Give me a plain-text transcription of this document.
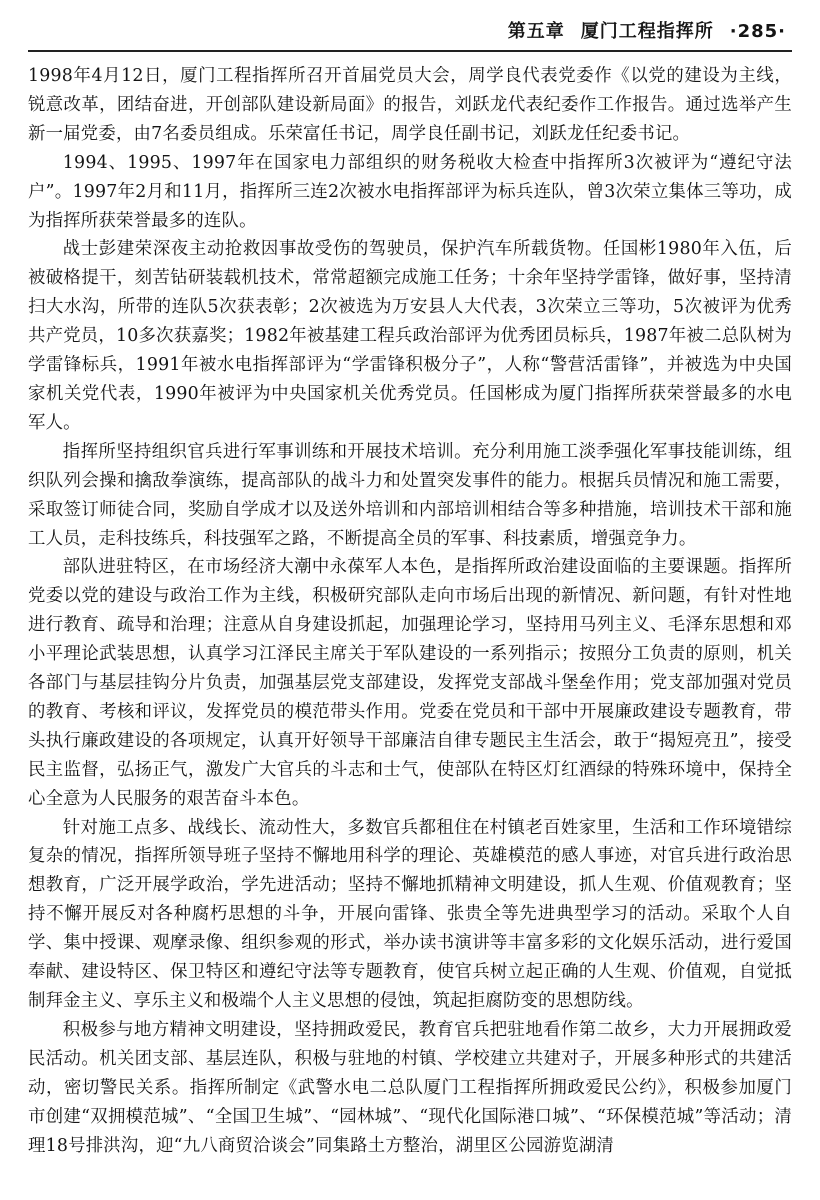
第五章 厦门工程指挥所 ·285·

1998年4月12日，厦门工程指挥所召开首届党员大会，周学良代表党委作《以党的建设为主线，锐意改革，团结奋进，开创部队建设新局面》的报告，刘跃龙代表纪委作工作报告。通过选举产生新一届党委，由7名委员组成。乐荣富任书记，周学良任副书记，刘跃龙任纪委书记。

1994、1995、1997年在国家电力部组织的财务税收大检查中指挥所3次被评为“遵纪守法户”。1997年2月和11月，指挥所三连2次被水电指挥部评为标兵连队，曾3次荣立集体三等功，成为指挥所获荣誉最多的连队。

战士彭建荣深夜主动抢救因事故受伤的驾驶员，保护汽车所载货物。任国彬1980年入伍，后被破格提干，刻苦钻研装载机技术，常常超额完成施工任务；十余年坚持学雷锋，做好事，坚持清扫大水沟，所带的连队5次获表彰；2次被选为万安县人大代表，3次荣立三等功，5次被评为优秀共产党员，10多次获嘉奖；1982年被基建工程兵政治部评为优秀团员标兵，1987年被二总队树为学雷锋标兵，1991年被水电指挥部评为“学雷锋积极分子”，人称“警营活雷锋”，并被选为中央国家机关党代表，1990年被评为中央国家机关优秀党员。任国彬成为厦门指挥所获荣誉最多的水电军人。

指挥所坚持组织官兵进行军事训练和开展技术培训。充分利用施工淡季强化军事技能训练，组织队列会操和擒敌拳演练，提高部队的战斗力和处置突发事件的能力。根据兵员情况和施工需要，采取签订师徒合同，奖励自学成才以及送外培训和内部培训相结合等多种措施，培训技术干部和施工人员，走科技练兵，科技强军之路，不断提高全员的军事、科技素质，增强竞争力。

部队进驻特区，在市场经济大潮中永葆军人本色，是指挥所政治建设面临的主要课题。指挥所党委以党的建设与政治工作为主线，积极研究部队走向市场后出现的新情况、新问题，有针对性地进行教育、疏导和治理；注意从自身建设抓起，加强理论学习，坚持用马列主义、毛泽东思想和邓小平理论武装思想，认真学习江泽民主席关于军队建设的一系列指示；按照分工负责的原则，机关各部门与基层挂钩分片负责，加强基层党支部建设，发挥党支部战斗堡垒作用；党支部加强对党员的教育、考核和评议，发挥党员的模范带头作用。党委在党员和干部中开展廉政建设专题教育，带头执行廉政建设的各项规定，认真开好领导干部廉洁自律专题民主生活会，敢于“揭短亮丑”，接受民主监督，弘扬正气，激发广大官兵的斗志和士气，使部队在特区灯红酒绿的特殊环境中，保持全心全意为人民服务的艰苦奋斗本色。

针对施工点多、战线长、流动性大，多数官兵都租住在村镇老百姓家里，生活和工作环境错综复杂的情况，指挥所领导班子坚持不懈地用科学的理论、英雄模范的感人事迹，对官兵进行政治思想教育，广泛开展学政治，学先进活动；坚持不懈地抓精神文明建设，抓人生观、价值观教育；坚持不懈开展反对各种腐朽思想的斗争，开展向雷锋、张贵全等先进典型学习的活动。采取个人自学、集中授课、观摩录像、组织参观的形式，举办读书演讲等丰富多彩的文化娱乐活动，进行爱国奉献、建设特区、保卫特区和遵纪守法等专题教育，使官兵树立起正确的人生观、价值观，自觉抵制拜金主义、享乐主义和极端个人主义思想的侵蚀，筑起拒腐防变的思想防线。

积极参与地方精神文明建设，坚持拥政爱民，教育官兵把驻地看作第二故乡，大力开展拥政爱民活动。机关团支部、基层连队，积极与驻地的村镇、学校建立共建对子，开展多种形式的共建活动，密切警民关系。指挥所制定《武警水电二总队厦门工程指挥所拥政爱民公约》，积极参加厦门市创建“双拥模范城”、“全国卫生城”、“园林城”、“现代化国际港口城”、“环保模范城”等活动；清理18号排洪沟，迎“九八商贸洽谈会”同集路土方整治，湖里区公园游览湖清
